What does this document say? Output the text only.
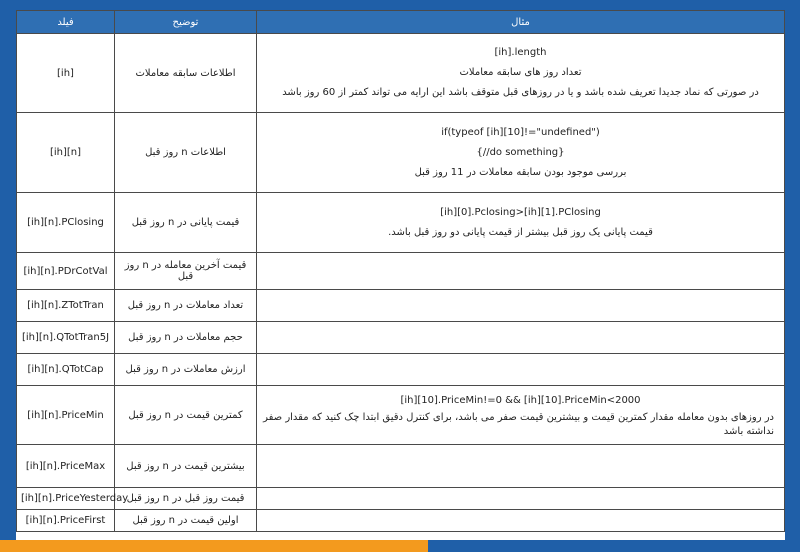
فیلد	توضیح	مثال
[ih]	اطلاعات سابقه معاملات	[ih].length
تعداد روز های سابقه معاملات
در صورتی که نماد جدیدا تعریف شده باشد و یا در روزهای قبل متوقف باشد این ارایه می تواند کمتر از 60 روز باشد

[ih][n]	اطلاعات n روز قبل	if(typeof [ih][10]!="undefined")
{//do something}
بررسی موجود بودن سابقه معاملات در 11 روز قبل

[ih][n].PClosing	قیمت پایانی در n روز قبل	[ih][0].Pclosing>[ih][1].PClosing
قیمت پایانی یک روز قبل بیشتر از قیمت پایانی دو روز قبل باشد.

[ih][n].PDrCotVal	قیمت آخرین معامله در n روز قبل	
[ih][n].ZTotTran	تعداد معاملات در n روز قبل	
[ih][n].QTotTran5J	حجم معاملات در n روز قبل	
[ih][n].QTotCap	ارزش معاملات در n روز قبل	
[ih][n].PriceMin	کمترین قیمت در n روز قبل	[ih][10].PriceMin!=0 && [ih][10].PriceMin<2000
در روزهای بدون معامله مقدار کمترین قیمت و بیشترین قیمت صفر می باشد، برای کنترل دقیق ابتدا چک کنید که مقدار صفر نداشته باشد

[ih][n].PriceMax	بیشترین قیمت در n روز قبل	
[ih][n].PriceYesterday	قیمت روز قبل در n روز قبل	
[ih][n].PriceFirst	اولین قیمت در n روز قبل	
